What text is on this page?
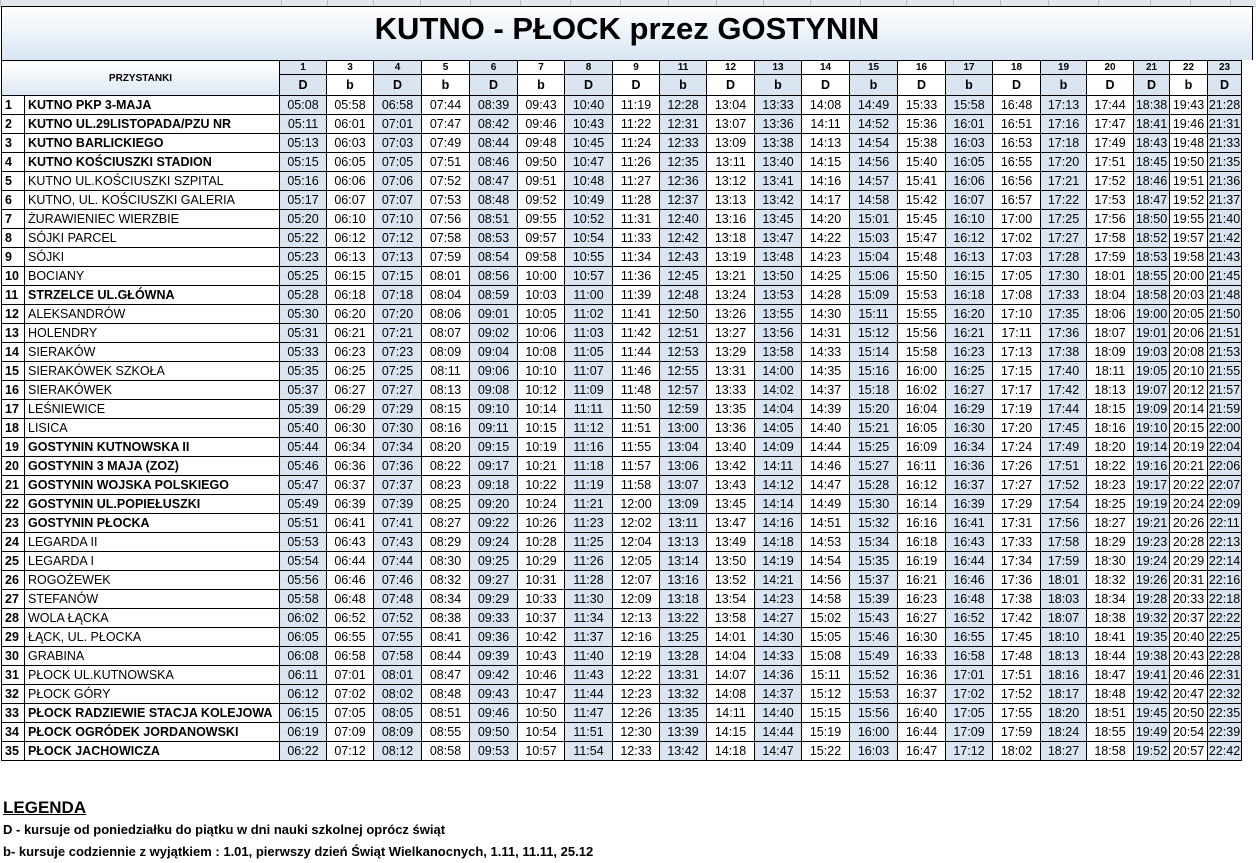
KUTNO - PŁOCK przez GOSTYNIN
PRZYSTANKI		1	3	4	5	6	7	8	9	11	12	13	14	15	16	17	18	19	20	21	22	23
		D	b	D	b	D	b	D	D	b	D	b	D	b	D	b	D	b	D	D	b	D
1	KUTNO PKP 3-MAJA	05:08	05:58	06:58	07:44	08:39	09:43	10:40	11:19	12:28	13:04	13:33	14:08	14:49	15:33	15:58	16:48	17:13	17:44	18:38	19:43	21:28
2	KUTNO UL.29LISTOPADA/PZU NR	05:11	06:01	07:01	07:47	08:42	09:46	10:43	11:22	12:31	13:07	13:36	14:11	14:52	15:36	16:01	16:51	17:16	17:47	18:41	19:46	21:31
3	KUTNO BARLICKIEGO	05:13	06:03	07:03	07:49	08:44	09:48	10:45	11:24	12:33	13:09	13:38	14:13	14:54	15:38	16:03	16:53	17:18	17:49	18:43	19:48	21:33
4	KUTNO KOŚCIUSZKI STADION	05:15	06:05	07:05	07:51	08:46	09:50	10:47	11:26	12:35	13:11	13:40	14:15	14:56	15:40	16:05	16:55	17:20	17:51	18:45	19:50	21:35
5	KUTNO UL.KOŚCIUSZKI SZPITAL	05:16	06:06	07:06	07:52	08:47	09:51	10:48	11:27	12:36	13:12	13:41	14:16	14:57	15:41	16:06	16:56	17:21	17:52	18:46	19:51	21:36
6	KUTNO, UL. KOŚCIUSZKI GALERIA	05:17	06:07	07:07	07:53	08:48	09:52	10:49	11:28	12:37	13:13	13:42	14:17	14:58	15:42	16:07	16:57	17:22	17:53	18:47	19:52	21:37
7	ŻURAWIENIEC WIERZBIE	05:20	06:10	07:10	07:56	08:51	09:55	10:52	11:31	12:40	13:16	13:45	14:20	15:01	15:45	16:10	17:00	17:25	17:56	18:50	19:55	21:40
8	SÓJKI PARCEL	05:22	06:12	07:12	07:58	08:53	09:57	10:54	11:33	12:42	13:18	13:47	14:22	15:03	15:47	16:12	17:02	17:27	17:58	18:52	19:57	21:42
9	SÓJKI	05:23	06:13	07:13	07:59	08:54	09:58	10:55	11:34	12:43	13:19	13:48	14:23	15:04	15:48	16:13	17:03	17:28	17:59	18:53	19:58	21:43
10	BOCIANY	05:25	06:15	07:15	08:01	08:56	10:00	10:57	11:36	12:45	13:21	13:50	14:25	15:06	15:50	16:15	17:05	17:30	18:01	18:55	20:00	21:45
11	STRZELCE UL.GŁÓWNA	05:28	06:18	07:18	08:04	08:59	10:03	11:00	11:39	12:48	13:24	13:53	14:28	15:09	15:53	16:18	17:08	17:33	18:04	18:58	20:03	21:48
12	ALEKSANDRÓW	05:30	06:20	07:20	08:06	09:01	10:05	11:02	11:41	12:50	13:26	13:55	14:30	15:11	15:55	16:20	17:10	17:35	18:06	19:00	20:05	21:50
13	HOLENDRY	05:31	06:21	07:21	08:07	09:02	10:06	11:03	11:42	12:51	13:27	13:56	14:31	15:12	15:56	16:21	17:11	17:36	18:07	19:01	20:06	21:51
14	SIERAKÓW	05:33	06:23	07:23	08:09	09:04	10:08	11:05	11:44	12:53	13:29	13:58	14:33	15:14	15:58	16:23	17:13	17:38	18:09	19:03	20:08	21:53
15	SIERAKÓWEK SZKOŁA	05:35	06:25	07:25	08:11	09:06	10:10	11:07	11:46	12:55	13:31	14:00	14:35	15:16	16:00	16:25	17:15	17:40	18:11	19:05	20:10	21:55
16	SIERAKÓWEK	05:37	06:27	07:27	08:13	09:08	10:12	11:09	11:48	12:57	13:33	14:02	14:37	15:18	16:02	16:27	17:17	17:42	18:13	19:07	20:12	21:57
17	LEŚNIEWICE	05:39	06:29	07:29	08:15	09:10	10:14	11:11	11:50	12:59	13:35	14:04	14:39	15:20	16:04	16:29	17:19	17:44	18:15	19:09	20:14	21:59
18	LISICA	05:40	06:30	07:30	08:16	09:11	10:15	11:12	11:51	13:00	13:36	14:05	14:40	15:21	16:05	16:30	17:20	17:45	18:16	19:10	20:15	22:00
19	GOSTYNIN KUTNOWSKA II	05:44	06:34	07:34	08:20	09:15	10:19	11:16	11:55	13:04	13:40	14:09	14:44	15:25	16:09	16:34	17:24	17:49	18:20	19:14	20:19	22:04
20	GOSTYNIN 3 MAJA (ZOZ)	05:46	06:36	07:36	08:22	09:17	10:21	11:18	11:57	13:06	13:42	14:11	14:46	15:27	16:11	16:36	17:26	17:51	18:22	19:16	20:21	22:06
21	GOSTYNIN WOJSKA POLSKIEGO	05:47	06:37	07:37	08:23	09:18	10:22	11:19	11:58	13:07	13:43	14:12	14:47	15:28	16:12	16:37	17:27	17:52	18:23	19:17	20:22	22:07
22	GOSTYNIN UL.POPIEŁUSZKI	05:49	06:39	07:39	08:25	09:20	10:24	11:21	12:00	13:09	13:45	14:14	14:49	15:30	16:14	16:39	17:29	17:54	18:25	19:19	20:24	22:09
23	GOSTYNIN PŁOCKA	05:51	06:41	07:41	08:27	09:22	10:26	11:23	12:02	13:11	13:47	14:16	14:51	15:32	16:16	16:41	17:31	17:56	18:27	19:21	20:26	22:11
24	LEGARDA II	05:53	06:43	07:43	08:29	09:24	10:28	11:25	12:04	13:13	13:49	14:18	14:53	15:34	16:18	16:43	17:33	17:58	18:29	19:23	20:28	22:13
25	LEGARDA I	05:54	06:44	07:44	08:30	09:25	10:29	11:26	12:05	13:14	13:50	14:19	14:54	15:35	16:19	16:44	17:34	17:59	18:30	19:24	20:29	22:14
26	ROGOŻEWEK	05:56	06:46	07:46	08:32	09:27	10:31	11:28	12:07	13:16	13:52	14:21	14:56	15:37	16:21	16:46	17:36	18:01	18:32	19:26	20:31	22:16
27	STEFANÓW	05:58	06:48	07:48	08:34	09:29	10:33	11:30	12:09	13:18	13:54	14:23	14:58	15:39	16:23	16:48	17:38	18:03	18:34	19:28	20:33	22:18
28	WOLA ŁĄCKA	06:02	06:52	07:52	08:38	09:33	10:37	11:34	12:13	13:22	13:58	14:27	15:02	15:43	16:27	16:52	17:42	18:07	18:38	19:32	20:37	22:22
29	ŁĄCK, UL. PŁOCKA	06:05	06:55	07:55	08:41	09:36	10:42	11:37	12:16	13:25	14:01	14:30	15:05	15:46	16:30	16:55	17:45	18:10	18:41	19:35	20:40	22:25
30	GRABINA	06:08	06:58	07:58	08:44	09:39	10:43	11:40	12:19	13:28	14:04	14:33	15:08	15:49	16:33	16:58	17:48	18:13	18:44	19:38	20:43	22:28
31	PŁOCK UL.KUTNOWSKA	06:11	07:01	08:01	08:47	09:42	10:46	11:43	12:22	13:31	14:07	14:36	15:11	15:52	16:36	17:01	17:51	18:16	18:47	19:41	20:46	22:31
32	PŁOCK GÓRY	06:12	07:02	08:02	08:48	09:43	10:47	11:44	12:23	13:32	14:08	14:37	15:12	15:53	16:37	17:02	17:52	18:17	18:48	19:42	20:47	22:32
33	PŁOCK RADZIEWIE STACJA KOLEJOWA	06:15	07:05	08:05	08:51	09:46	10:50	11:47	12:26	13:35	14:11	14:40	15:15	15:56	16:40	17:05	17:55	18:20	18:51	19:45	20:50	22:35
34	PŁOCK OGRÓDEK JORDANOWSKI	06:19	07:09	08:09	08:55	09:50	10:54	11:51	12:30	13:39	14:15	14:44	15:19	16:00	16:44	17:09	17:59	18:24	18:55	19:49	20:54	22:39
35	PŁOCK JACHOWICZA	06:22	07:12	08:12	08:58	09:53	10:57	11:54	12:33	13:42	14:18	14:47	15:22	16:03	16:47	17:12	18:02	18:27	18:58	19:52	20:57	22:42
LEGENDA
D - kursuje od poniedziałku do piątku w dni nauki szkolnej oprócz świąt
b- kursuje codziennie z wyjątkiem : 1.01, pierwszy dzień Świąt Wielkanocnych, 1.11, 11.11, 25.12
